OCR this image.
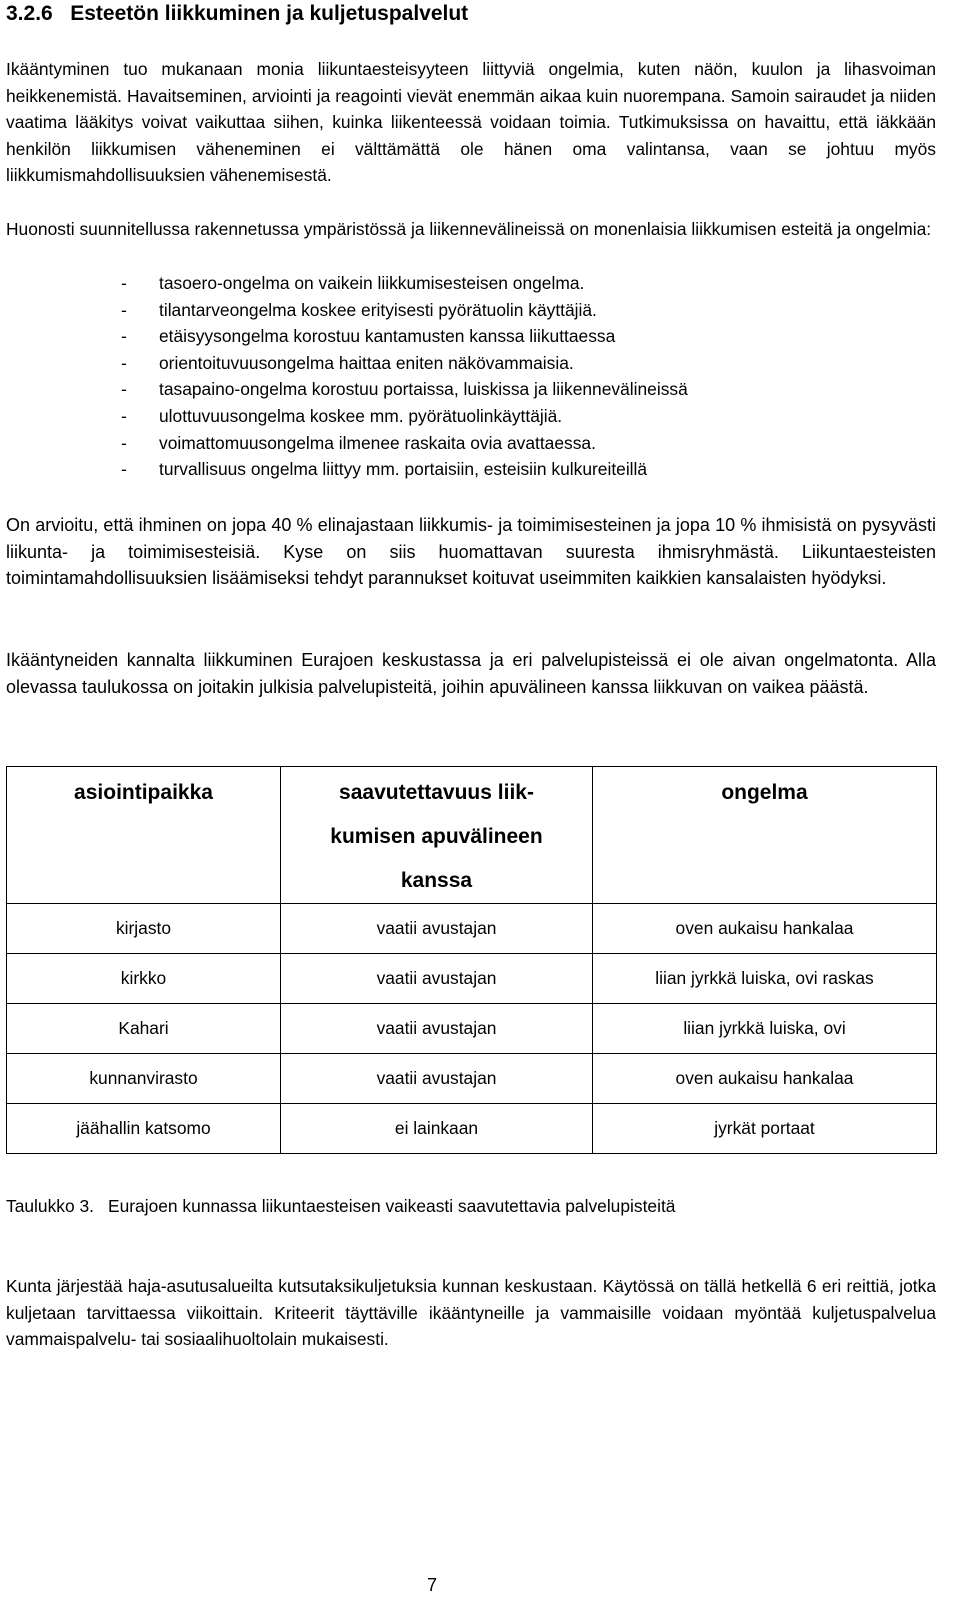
3.2.6 Esteetön liikkuminen ja kuljetuspalvelut

Ikääntyminen tuo mukanaan monia liikuntaesteisyyteen liittyviä ongelmia, kuten näön, kuulon ja lihasvoiman heikkenemistä. Havaitseminen, arviointi ja reagointi vievät enemmän aikaa kuin nuorempana. Samoin sairaudet ja niiden vaatima lääkitys voivat vaikuttaa siihen, kuinka liikenteessä voidaan toimia. Tutkimuksissa on havaittu, että iäkkään henkilön liikkumisen väheneminen ei välttämättä ole hänen oma valintansa, vaan se johtuu myös liikkumismahdollisuuksien vähenemisestä.

Huonosti suunnitellussa rakennetussa ympäristössä ja liikennevälineissä on monenlaisia liikkumisen esteitä ja ongelmia:

- tasoero-ongelma on vaikein liikkumisesteisen ongelma.
- tilantarveongelma koskee erityisesti pyörätuolin käyttäjiä.
- etäisyysongelma korostuu kantamusten kanssa liikuttaessa
- orientoituvuusongelma haittaa eniten näkövammaisia.
- tasapaino-ongelma korostuu portaissa, luiskissa ja liikennevälineissä
- ulottuvuusongelma koskee mm. pyörätuolinkäyttäjiä.
- voimattomuusongelma ilmenee raskaita ovia avattaessa.
- turvallisuus ongelma liittyy mm. portaisiin, esteisiin kulkureiteillä

On arvioitu, että ihminen on jopa 40 % elinajastaan liikkumis- ja toimimisesteinen ja jopa 10 % ihmisistä on pysyvästi liikunta- ja toimimisesteisiä. Kyse on siis huomattavan suuresta ihmisryhmästä. Liikuntaesteisten toimintamahdollisuuksien lisäämiseksi tehdyt parannukset koituvat useimmiten kaikkien kansalaisten hyödyksi.

Ikääntyneiden kannalta liikkuminen Eurajoen keskustassa ja eri palvelupisteissä ei ole aivan ongelmatonta. Alla olevassa taulukossa on joitakin julkisia palvelupisteitä, joihin apuvälineen kanssa liikkuvan on vaikea päästä.

asiointipaikka	saavutettavuus liik-
kumisen apuvälineen
kanssa	ongelma

kirjasto	vaatii avustajan	oven aukaisu hankalaa
kirkko	vaatii avustajan	liian jyrkkä luiska, ovi raskas
Kahari	vaatii avustajan	liian jyrkkä luiska, ovi
kunnanvirasto	vaatii avustajan	oven aukaisu hankalaa
jäähallin katsomo	ei lainkaan	jyrkät portaat
Taulukko 3. Eurajoen kunnassa liikuntaesteisen vaikeasti saavutettavia palvelupisteitä

Kunta järjestää haja-asutusalueilta kutsutaksikuljetuksia kunnan keskustaan. Käytössä on tällä hetkellä 6 eri reittiä, jotka kuljetaan tarvittaessa viikoittain. Kriteerit täyttäville ikääntyneille ja vammaisille voidaan myöntää kuljetuspalvelua vammaispalvelu- tai sosiaalihuoltolain mukaisesti.

7
